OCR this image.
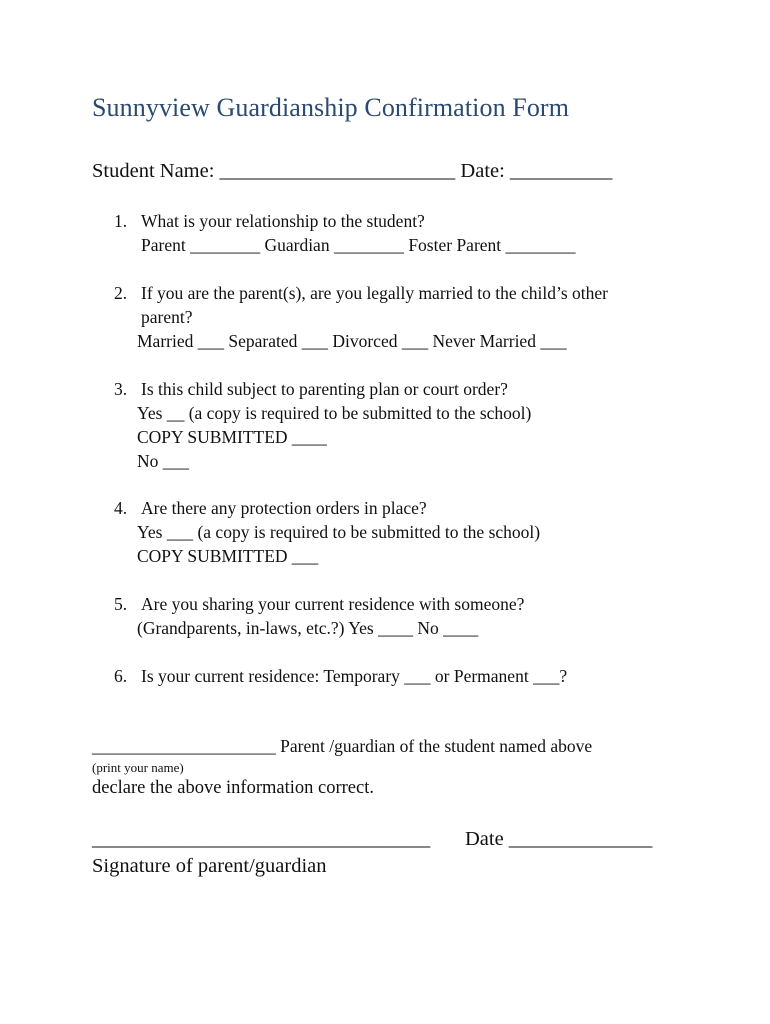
Sunnyview Guardianship Confirmation Form
Student Name: _______________________ Date: __________
1. What is your relationship to the student?
Parent ________ Guardian ________ Foster Parent ________
2. If you are the parent(s), are you legally married to the child’s other
parent?
Married ___ Separated ___ Divorced ___ Never Married ___
3. Is this child subject to parenting plan or court order?
Yes __ (a copy is required to be submitted to the school)
COPY SUBMITTED ____
No ___
4. Are there any protection orders in place?
Yes ___ (a copy is required to be submitted to the school)
COPY SUBMITTED ___
5. Are you sharing your current residence with someone?
(Grandparents, in-laws, etc.?) Yes ____ No ____
6. Is your current residence: Temporary ___ or Permanent ___?
_____________________ Parent /guardian of the student named above
(print your name)
declare the above information correct.
_________________________________ Date ______________
Signature of parent/guardian
